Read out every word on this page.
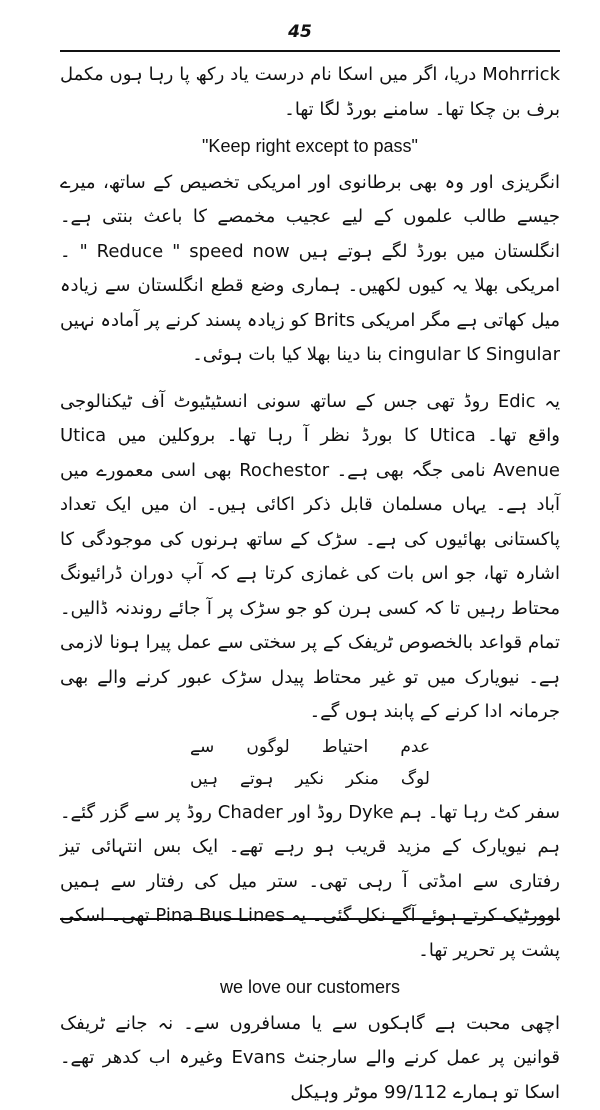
45

Mohrrick دریا، اگر میں اسکا نام درست یاد رکھ پا رہا ہوں مکمل برف بن چکا تھا۔ سامنے بورڈ لگا تھا۔

"Keep right except to pass"

انگریزی اور وہ بھی برطانوی اور امریکی تخصیص کے ساتھ، میرے جیسے طالب علموں کے لیے عجیب مخمصے کا باعث بنتی ہے۔ انگلستان میں بورڈ لگے ہوتے ہیں Reduce " speed now " ۔ امریکی بھلا یہ کیوں لکھیں۔ ہماری وضع قطع انگلستان سے زیادہ میل کھاتی ہے مگر امریکی Brits کو زیادہ پسند کرنے پر آمادہ نہیں Singular کا cingular بنا دینا بھلا کیا بات ہوئی۔

یہ Edic روڈ تھی جس کے ساتھ سونی انسٹیٹیوٹ آف ٹیکنالوجی واقع تھا۔ Utica کا بورڈ نظر آ رہا تھا۔ بروکلین میں Utica Avenue نامی جگہ بھی ہے۔ Rochestor بھی اسی معمورے میں آباد ہے۔ یہاں مسلمان قابل ذکر اکائی ہیں۔ ان میں ایک تعداد پاکستانی بھائیوں کی ہے۔ سڑک کے ساتھ ہرنوں کی موجودگی کا اشارہ تھا، جو اس بات کی غمازی کرتا ہے کہ آپ دوران ڈرائیونگ محتاط رہیں تا کہ کسی ہرن کو جو سڑک پر آ جائے روندنہ ڈالیں۔ تمام قواعد بالخصوص ٹریفک کے پر سختی سے عمل پیرا ہونا لازمی ہے۔ نیویارک میں تو غیر محتاط پیدل سڑک عبور کرنے والے بھی جرمانہ ادا کرنے کے پابند ہوں گے۔

عدم
احتیاط
لوگوں
سے
لوگ
منکر
نکیر
ہوتے
ہیں

سفر کٹ رہا تھا۔ ہم Dyke روڈ اور Chader روڈ پر سے گزر گئے۔ ہم نیویارک کے مزید قریب ہو رہے تھے۔ ایک بس انتہائی تیز رفتاری سے امڈتی آ رہی تھی۔ ستر میل کی رفتار سے ہمیں اوورٹیک کرتے ہوئے آگے نکل گئی۔ یہ Pina Bus Lines تھی۔ اسکی پشت پر تحریر تھا۔

we love our customers

اچھی محبت ہے گاہکوں سے یا مسافروں سے۔ نہ جانے ٹریفک قوانین پر عمل کرنے والے سارجنٹ Evans وغیرہ اب کدھر تھے۔ اسکا تو ہمارے 99/112 موٹر وہیکل
